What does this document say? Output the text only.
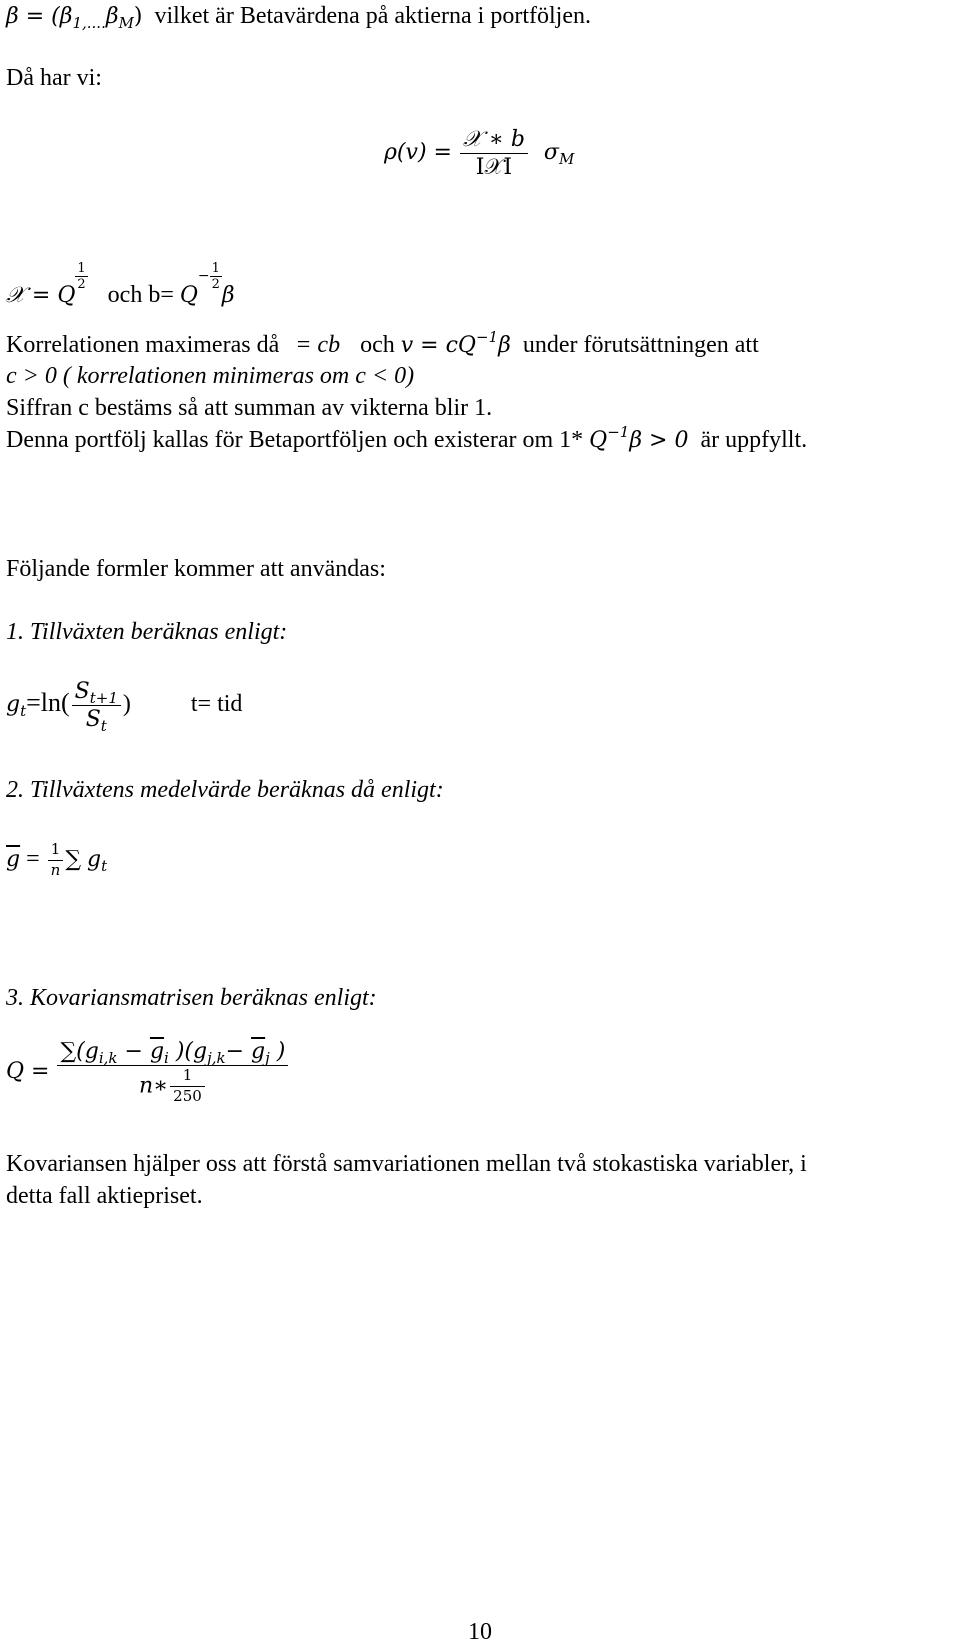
$\beta = (\beta_{1,....}\beta_M)$ vilket är Betavärdena på aktierna i portföljen.
Då har vi:
$\rho(v) = \frac{\text{𝒳 ∗ b}}{\text{I𝒳I}} \sigma_M$
𝒳 = Q
$\frac{1}{2}$
och $b= Q- \frac{1}{2}$
β
Korrelationen maximeras då = cb och $v = cQ^{-1}\beta$ under förutsättningen att
c > 0 ( korrelationen minimeras om c < 0)
Siffran c bestäms så att summan av vikterna blir 1.
Denna portfölj kallas för Betaportföljen och existerar om 1* $Q^{-1}\beta > 0$ är uppfyllt.
Följande formler kommer att användas:
1. Tillväxten beräknas enligt:
$g_t=\ln( \frac{S_{t+1}}{S_t}$ )	t= tid
2. Tillväxtens medelvärde beräknas då enligt:
$\overline{g} = \frac{1}{n}$ ∑ $g_t$
3. Kovariansmatrisen beräknas enligt:
$Q = \frac{\sum(g_{i,k} - \overline{g}_i )(g_{j,k}- \overline{g}_j )}{n∗ \frac{1}{250}}$
Kovariansen hjälper oss att förstå samvariationen mellan två stokastiska variabler, i
detta fall aktiepriset.
10
